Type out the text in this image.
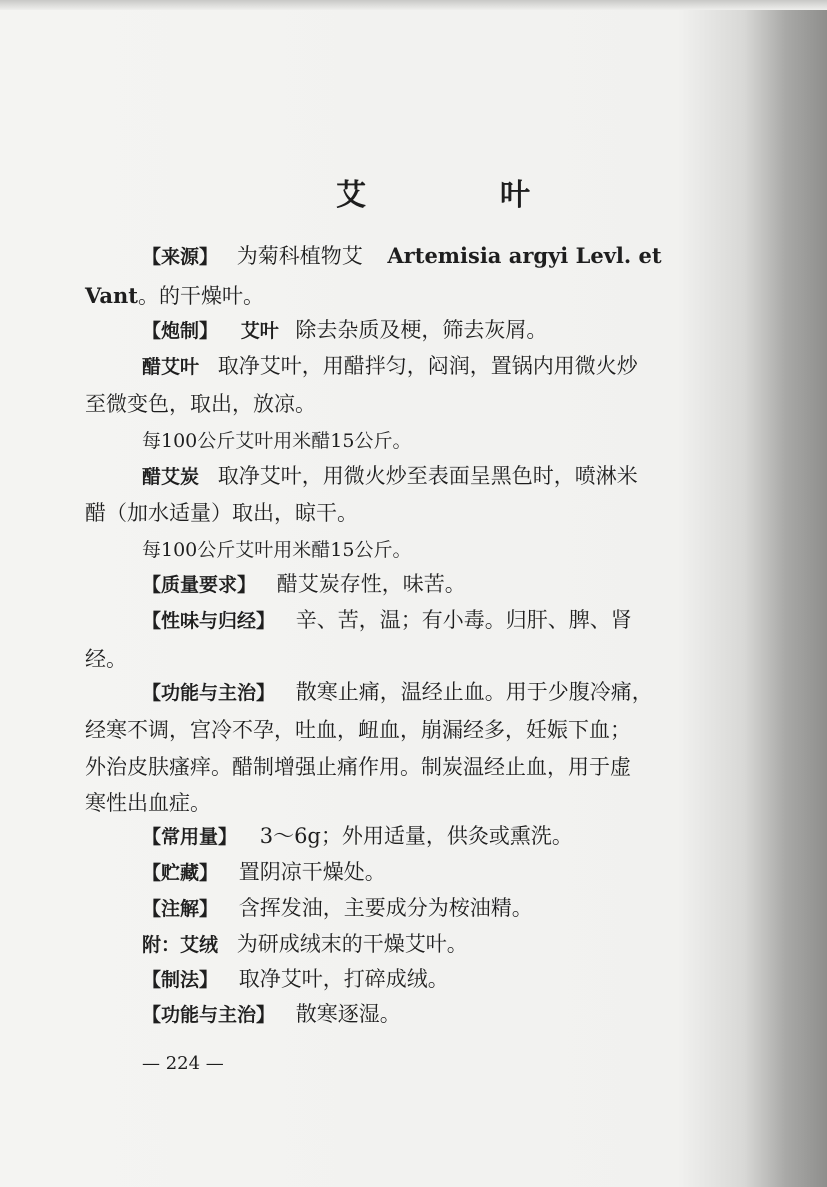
艾　叶
【来源】 为菊科植物艾 Artemisia argyi Levl. et
Vant。的干燥叶。
【炮制】 艾叶 除去杂质及梗，筛去灰屑。
醋艾叶 取净艾叶，用醋拌匀，闷润，置锅内用微火炒
至微变色，取出，放凉。
每100公斤艾叶用米醋15公斤。
醋艾炭 取净艾叶，用微火炒至表面呈黑色时，喷淋米
醋（加水适量）取出，晾干。
每100公斤艾叶用米醋15公斤。
【质量要求】 醋艾炭存性，味苦。
【性味与归经】 辛、苦，温；有小毒。归肝、脾、肾
经。
【功能与主治】 散寒止痛，温经止血。用于少腹冷痛，
经寒不调，宫冷不孕，吐血，衄血，崩漏经多，妊娠下血；
外治皮肤瘙痒。醋制增强止痛作用。制炭温经止血，用于虚
寒性出血症。
【常用量】 3～6g；外用适量，供灸或熏洗。
【贮藏】 置阴凉干燥处。
【注解】 含挥发油，主要成分为桉油精。
附：艾绒 为研成绒末的干燥艾叶。
【制法】 取净艾叶，打碎成绒。
【功能与主治】 散寒逐湿。
— 224 —
